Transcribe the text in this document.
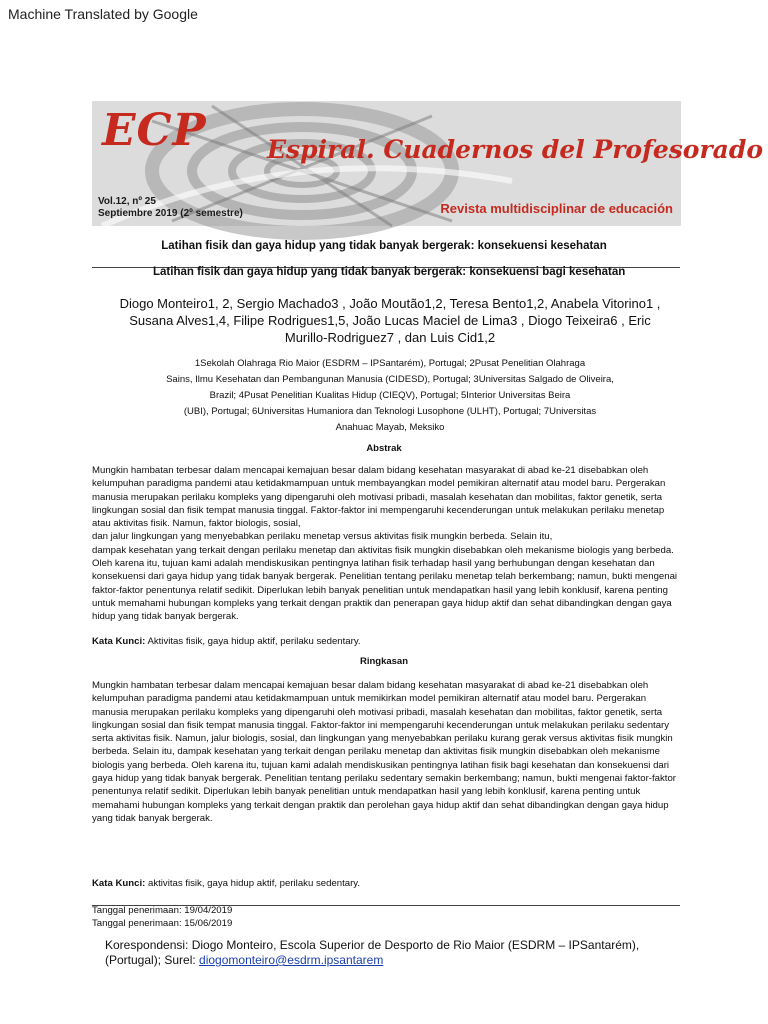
Machine Translated by Google
ECP Espiral. Cuadernos del Profesorado
Vol.12, nº 25
Septiembre 2019 (2º semestre)	Revista multidisciplinar de educación
Latihan fisik dan gaya hidup yang tidak banyak bergerak: konsekuensi kesehatan
Latihan fisik dan gaya hidup yang tidak banyak bergerak: konsekuensi bagi kesehatan
Diogo Monteiro1, 2, Sergio Machado3 , João Moutão1,2, Teresa Bento1,2, Anabela Vitorino1 ,
Susana Alves1,4, Filipe Rodrigues1,5, João Lucas Maciel de Lima3 , Diogo Teixeira6 , Eric
Murillo-Rodriguez7 , dan Luis Cid1,2
1Sekolah Olahraga Rio Maior (ESDRM – IPSantarém), Portugal; 2Pusat Penelitian Olahraga
Sains, Ilmu Kesehatan dan Pembangunan Manusia (CIDESD), Portugal; 3Universitas Salgado de Oliveira,
Brazil; 4Pusat Penelitian Kualitas Hidup (CIEQV), Portugal; 5Interior Universitas Beira
(UBI), Portugal; 6Universitas Humaniora dan Teknologi Lusophone (ULHT), Portugal; 7Universitas
Anahuac Mayab, Meksiko
Abstrak
Mungkin hambatan terbesar dalam mencapai kemajuan besar dalam bidang kesehatan masyarakat di abad ke-21 disebabkan oleh kelumpuhan paradigma pandemi atau ketidakmampuan untuk membayangkan model pemikiran alternatif atau model baru. Pergerakan manusia merupakan perilaku kompleks yang dipengaruhi oleh motivasi pribadi, masalah kesehatan dan mobilitas, faktor genetik, serta lingkungan sosial dan fisik tempat manusia tinggal. Faktor-faktor ini mempengaruhi kecenderungan untuk melakukan perilaku menetap atau aktivitas fisik. Namun, faktor biologis, sosial,
dan jalur lingkungan yang menyebabkan perilaku menetap versus aktivitas fisik mungkin berbeda. Selain itu,
dampak kesehatan yang terkait dengan perilaku menetap dan aktivitas fisik mungkin disebabkan oleh mekanisme biologis yang berbeda. Oleh karena itu, tujuan kami adalah mendiskusikan pentingnya latihan fisik terhadap hasil yang berhubungan dengan kesehatan dan konsekuensi dari gaya hidup yang tidak banyak bergerak. Penelitian tentang perilaku menetap telah berkembang; namun, bukti mengenai faktor-faktor penentunya relatif sedikit. Diperlukan lebih banyak penelitian untuk mendapatkan hasil yang lebih konklusif, karena penting untuk memahami hubungan kompleks yang terkait dengan praktik dan penerapan gaya hidup aktif dan sehat dibandingkan dengan gaya hidup yang tidak banyak bergerak.
Kata Kunci: Aktivitas fisik, gaya hidup aktif, perilaku sedentary.
Ringkasan
Mungkin hambatan terbesar dalam mencapai kemajuan besar dalam bidang kesehatan masyarakat di abad ke-21 disebabkan oleh kelumpuhan paradigma pandemi atau ketidakmampuan untuk memikirkan model pemikiran alternatif atau model baru. Pergerakan manusia merupakan perilaku kompleks yang dipengaruhi oleh motivasi pribadi, masalah kesehatan dan mobilitas, faktor genetik, serta lingkungan sosial dan fisik tempat manusia tinggal. Faktor-faktor ini mempengaruhi kecenderungan untuk melakukan perilaku sedentary serta aktivitas fisik. Namun, jalur biologis, sosial, dan lingkungan yang menyebabkan perilaku kurang gerak versus aktivitas fisik mungkin berbeda. Selain itu, dampak kesehatan yang terkait dengan perilaku menetap dan aktivitas fisik mungkin disebabkan oleh mekanisme biologis yang berbeda. Oleh karena itu, tujuan kami adalah mendiskusikan pentingnya latihan fisik bagi kesehatan dan konsekuensi dari gaya hidup yang tidak banyak bergerak. Penelitian tentang perilaku sedentary semakin berkembang; namun, bukti mengenai faktor-faktor penentunya relatif sedikit. Diperlukan lebih banyak penelitian untuk mendapatkan hasil yang lebih konklusif, karena penting untuk memahami hubungan kompleks yang terkait dengan praktik dan perolehan gaya hidup aktif dan sehat dibandingkan dengan gaya hidup yang tidak banyak bergerak.
Kata Kunci: aktivitas fisik, gaya hidup aktif, perilaku sedentary.
Tanggal penerimaan: 19/04/2019
Tanggal penerimaan: 15/06/2019
Korespondensi: Diogo Monteiro, Escola Superior de Desporto de Rio Maior (ESDRM – IPSantarém), (Portugal); Surel: diogomonteiro@esdrm.ipsantarem
